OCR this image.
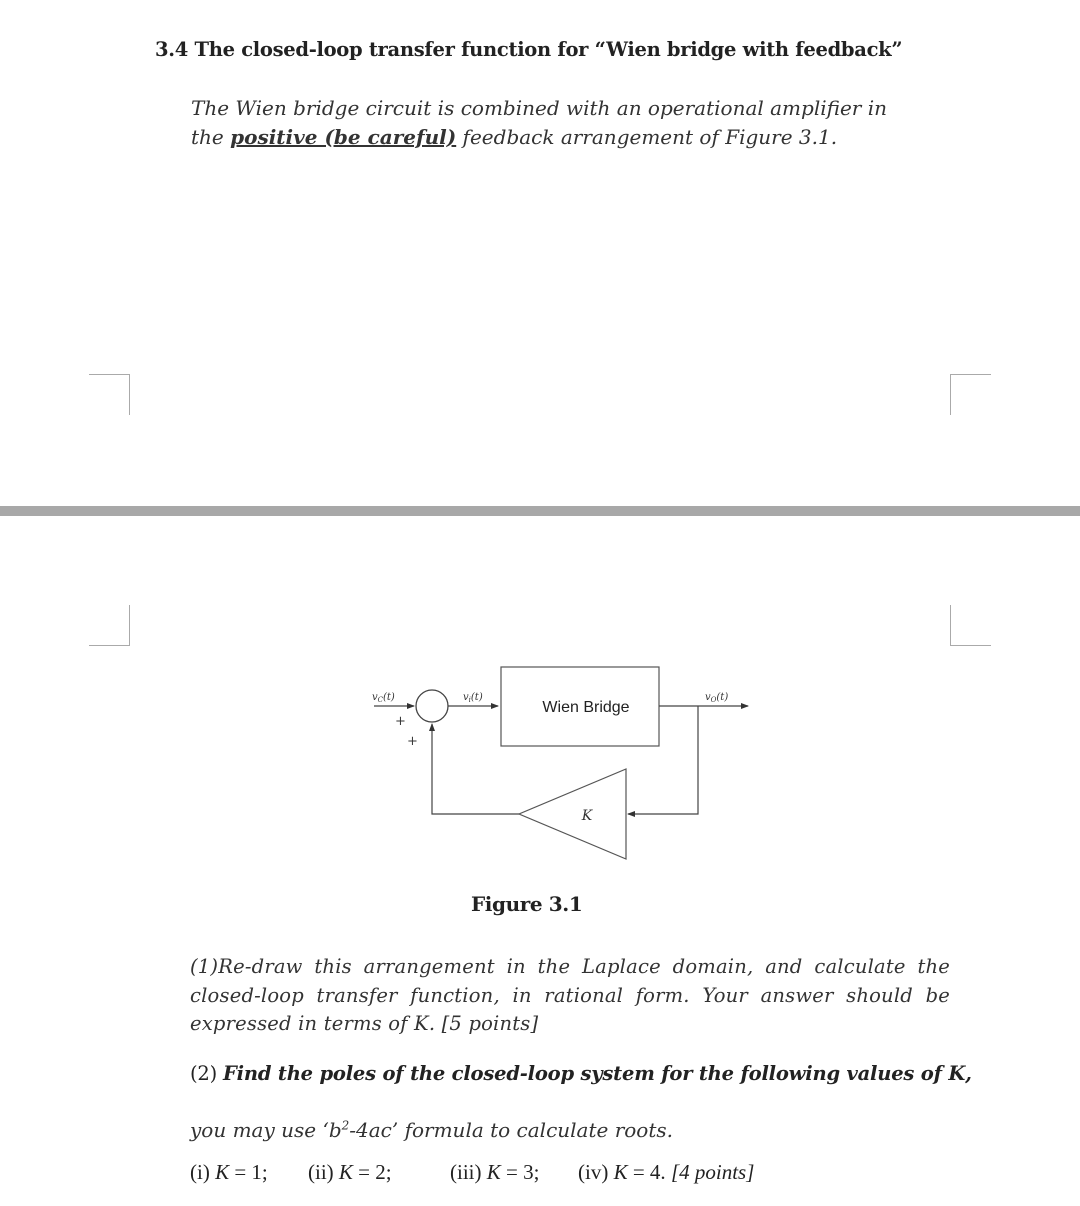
3.4 The closed-loop transfer function for “Wien bridge with feedback”
The Wien bridge circuit is combined with an operational amplifier in
the positive (be careful) feedback arrangement of Figure 3.1.
$v_C(t)$
+
+
$v_i(t)$
Wien Bridge
$v_O(t)$
K
Figure 3.1
(1)Re-draw this arrangement in the Laplace domain, and calculate the closed-loop transfer function, in rational form. Your answer should be expressed in terms of K. [5 points]
(2) Find the poles of the closed-loop system for the following values of K,
you may use ‘$b^2-4ac$’ formula to calculate roots.
(i) K = 1; (ii) K = 2;	(iii) K = 3; (iv) K = 4. [4 points]
